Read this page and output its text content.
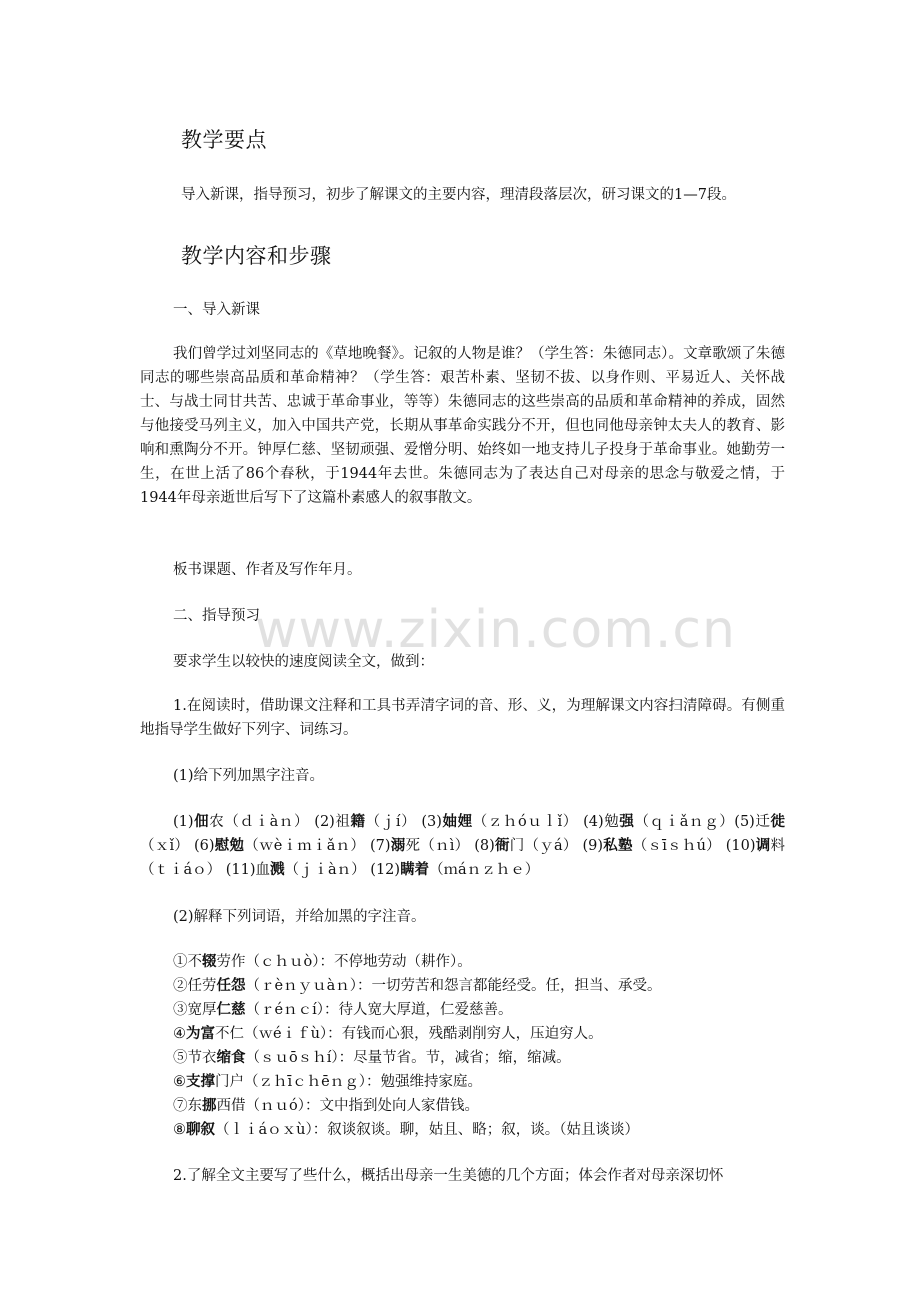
教学要点
导入新课，指导预习，初步了解课文的主要内容，理清段落层次，研习课文的1—7段。
教学内容和步骤
一、导入新课
我们曾学过刘坚同志的《草地晚餐》。记叙的人物是谁？（学生答：朱德同志）。文章歌颂了朱德同志的哪些崇高品质和革命精神？（学生答：艰苦朴素、坚韧不拔、以身作则、平易近人、关怀战士、与战士同甘共苦、忠诚于革命事业，等等）朱德同志的这些崇高的品质和革命精神的养成，固然与他接受马列主义，加入中国共产党，长期从事革命实践分不开，但也同他母亲钟太夫人的教育、影响和熏陶分不开。钟厚仁慈、坚韧顽强、爱憎分明、始终如一地支持儿子投身于革命事业。她勤劳一生，在世上活了86个春秋，于1944年去世。朱德同志为了表达自己对母亲的思念与敬爱之情，于1944年母亲逝世后写下了这篇朴素感人的叙事散文。
板书课题、作者及写作年月。
二、指导预习
要求学生以较快的速度阅读全文，做到：
1.在阅读时，借助课文注释和工具书弄清字词的音、形、义，为理解课文内容扫清障碍。有侧重地指导学生做好下列字、词练习。
(1)给下列加黑字注音。
(1)佃农（ｄｉàｎ） (2)祖籍（ｊí） (3)妯娌（ｚｈóｕｌǐ） (4)勉强（ｑｉǎｎｇ）(5)迁徙（ｘǐ） (6)慰勉（ｗèｉｍｉǎｎ） (7)溺死（ｎì） (8)衙门（ｙá） (9)私塾（ｓīｓｈú） (10)调料（ｔｉáｏ） (11)血溅（ｊｉàｎ） (12)瞒着（ｍáｎｚｈｅ）
(2)解释下列词语，并给加黑的字注音。
①不辍劳作（ｃｈｕò）：不停地劳动（耕作）。
②任劳任怨（ｒèｎｙｕàｎ）：一切劳苦和怨言都能经受。任，担当、承受。
③宽厚仁慈（ｒéｎｃí）：待人宽大厚道，仁爱慈善。
④为富不仁（ｗéｉｆù）：有钱而心狠，残酷剥削穷人，压迫穷人。
⑤节衣缩食（ｓｕōｓｈí）：尽量节省。节，减省；缩，缩减。
⑥支撑门户（ｚｈīｃｈēｎｇ）：勉强维持家庭。
⑦东挪西借（ｎｕó）：文中指到处向人家借钱。
⑧聊叙（ｌｉáｏｘù）：叙谈叙谈。聊，姑且、略；叙，谈。（姑且谈谈）
2.了解全文主要写了些什么，概括出母亲一生美德的几个方面；体会作者对母亲深切怀
www.zixin.com.cn
